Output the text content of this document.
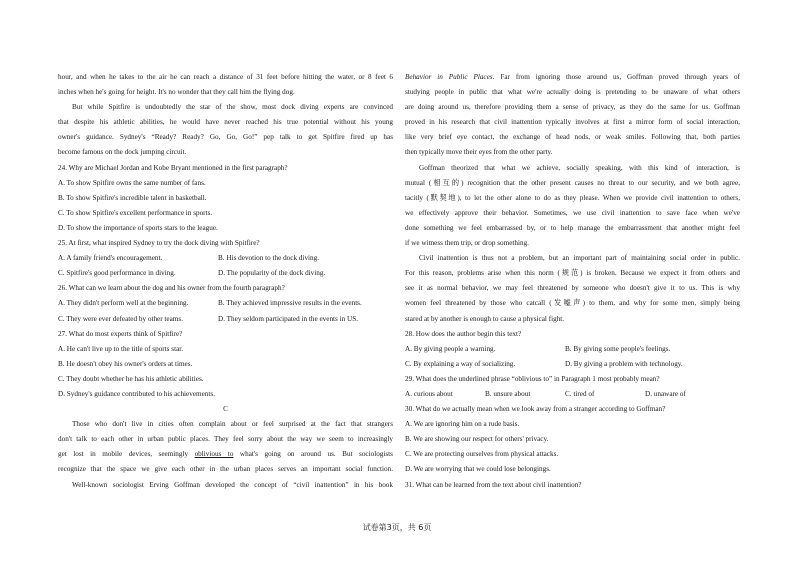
hour, and when he takes to the air he can reach a distance of 31 feet before hitting the water, or 8 feet 6
inches when he's going for height. It's no wonder that they call him the flying dog.
But while Spitfire is undoubtedly the star of the show, most dock diving experts are convinced
that despite his athletic abilities, he would have never reached his true potential without his young
owner's guidance. Sydney's “Ready? Ready? Go, Go, Go!” pep talk to get Spitfire fired up has
become famous on the dock jumping circuit.
24. Why are Michael Jordan and Kobe Bryant mentioned in the first paragraph?
A. To show Spitfire owns the same number of fans.
B. To show Spitfire's incredible talent in basketball.
C. To show Spitfire's excellent performance in sports.
D. To show the importance of sports stars to the league.
25. At first, what inspired Sydney to try the dock diving with Spitfire?
A. A family friend's encouragement.	B. His devotion to the dock diving.
C. Spitfire's good performance in diving.	D. The popularity of the dock diving.
26. What can we learn about the dog and his owner from the fourth paragraph?
A. They didn't perform well at the beginning.	B. They achieved impressive results in the events.
C. They were ever defeated by other teams.	D. They seldom participated in the events in US.
27. What do most experts think of Spitfire?
A. He can't live up to the title of sports star.
B. He doesn't obey his owner's orders at times.
C. They doubt whether he has his athletic abilities.
D. Sydney's guidance contributed to his achievements.
C
Those who don't live in cities often complain about or feel surprised at the fact that strangers
don't talk to each other in urban public places. They feel sorry about the way we seem to increasingly
get lost in mobile devices, seemingly oblivious to what's going on around us. But sociologists
recognize that the space we give each other in the urban places serves an important social function.
Well-known sociologist Erving Goffman developed the concept of “civil inattention” in his book
Behavior in Public Places. Far from ignoring those around us, Goffman proved through years of
studying people in public that what we're actually doing is pretending to be unaware of what others
are doing around us, therefore providing them a sense of privacy, as they do the same for us. Goffman
proved in his research that civil inattention typically involves at first a mirror form of social interaction,
like very brief eye contact, the exchange of head nods, or weak smiles. Following that, both parties
then typically move their eyes from the other party.
Goffman theorized that what we achieve, socially speaking, with this kind of interaction, is
mutual (相互的) recognition that the other present causes no threat to our security, and we both agree,
tacitly (默契地), to let the other alone to do as they please. When we provide civil inattention to others,
we effectively approve their behavior. Sometimes, we use civil inattention to save face when we've
done something we feel embarrassed by, or to help manage the embarrassment that another might feel
if we witness them trip, or drop something.
Civil inattention is thus not a problem, but an important part of maintaining social order in public.
For this reason, problems arise when this norm (规范) is broken. Because we expect it from others and
see it as normal behavior, we may feel threatened by someone who doesn't give it to us. This is why
women feel threatened by those who catcall (发嘘声) to them, and why for some men, simply being
stared at by another is enough to cause a physical fight.
28. How does the author begin this text?
A. By giving people a warning.	B. By giving some people's feelings.
C. By explaining a way of socializing.	D. By giving a problem with technology.
29. What does the underlined phrase “oblivious to” in Paragraph 1 most probably mean?
A. curious about	B. unsure about	C. tired of	D. unaware of
30. What do we actually mean when we look away from a stranger according to Goffman?
A. We are ignoring him on a rude basis.
B. We are showing our respect for others' privacy.
C. We are protecting ourselves from physical attacks.
D. We are worrying that we could lose belongings.
31. What can be learned from the text about civil inattention?
试卷第3页，共 6页
